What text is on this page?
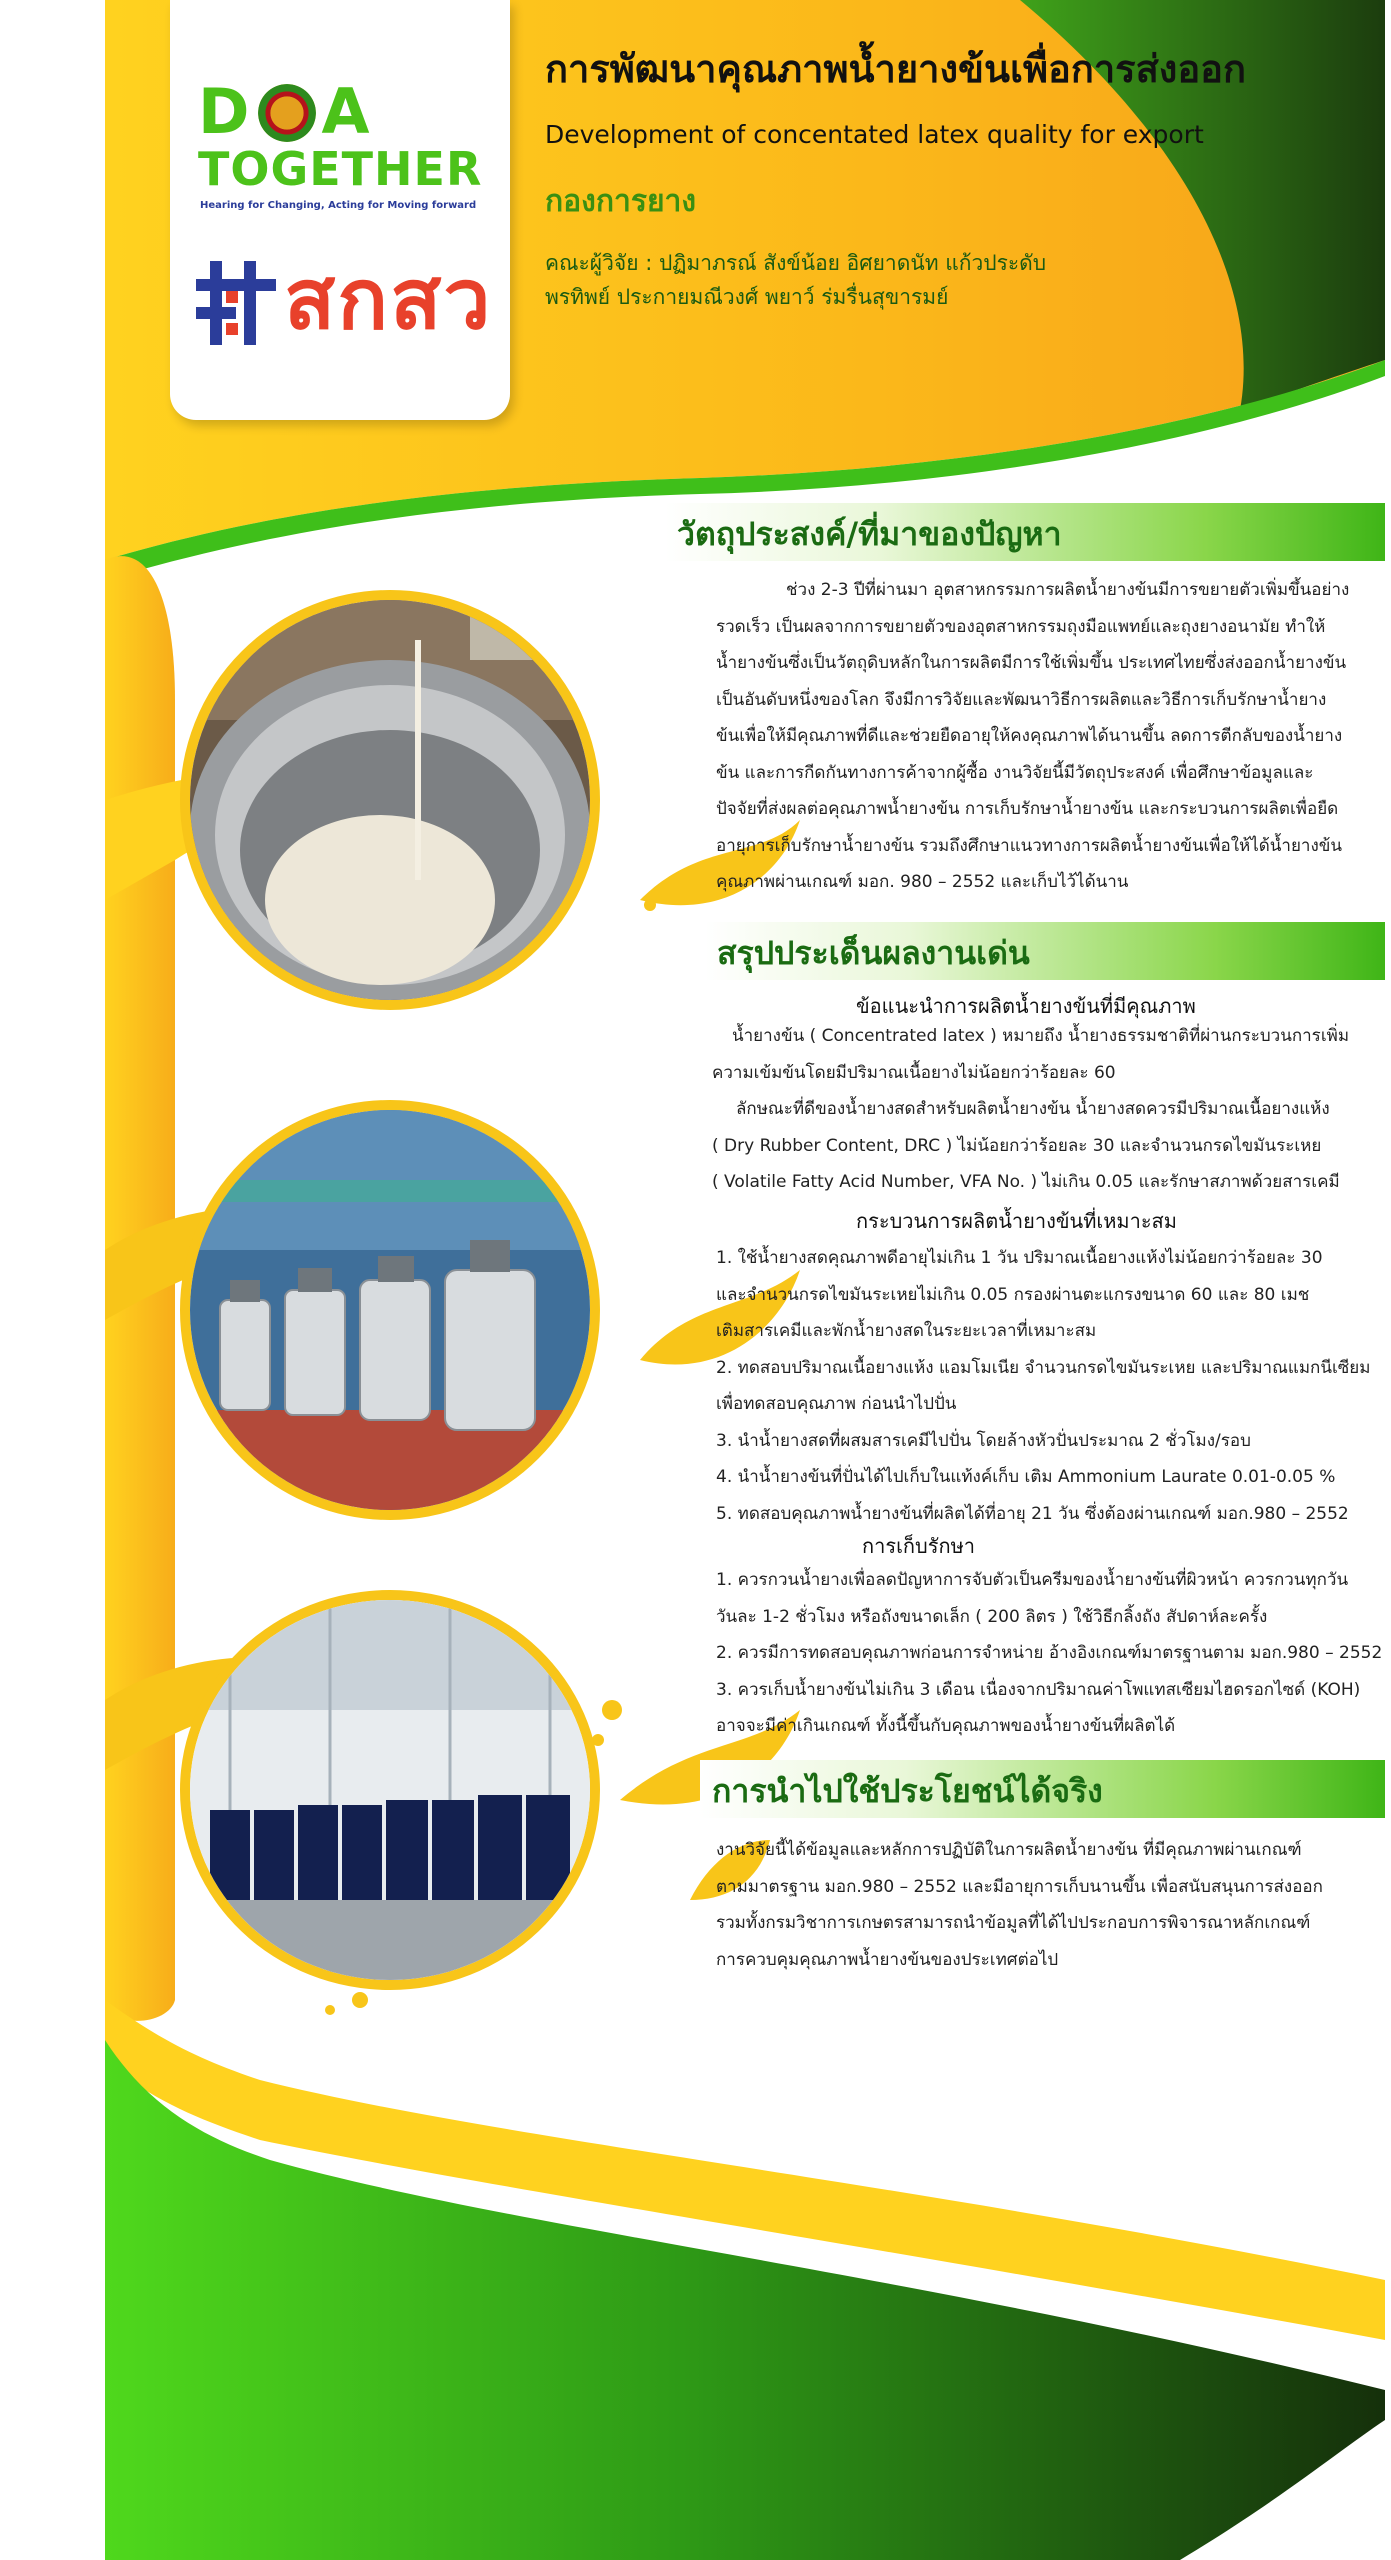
D A
TOGETHER
Hearing for Changing, Acting for Moving forward
สกสว
การพัฒนาคุณภาพน้ำยางข้นเพื่อการส่งออก
Development of concentated latex quality for export
กองการยาง
คณะผู้วิจัย : ปฏิมาภรณ์ สังข์น้อย อิศยาดนัท แก้วประดับ
พรทิพย์ ประกายมณีวงศ์ พยาว์ ร่มรื่นสุขารมย์
วัตถุประสงค์/ที่มาของปัญหา
ช่วง 2-3 ปีที่ผ่านมา อุตสาหกรรมการผลิตน้ำยางข้นมีการขยายตัวเพิ่มขึ้นอย่าง
รวดเร็ว เป็นผลจากการขยายตัวของอุตสาหกรรมถุงมือแพทย์และถุงยางอนามัย ทำให้
น้ำยางข้นซึ่งเป็นวัตถุดิบหลักในการผลิตมีการใช้เพิ่มขึ้น ประเทศไทยซึ่งส่งออกน้ำยางข้น
เป็นอันดับหนึ่งของโลก จึงมีการวิจัยและพัฒนาวิธีการผลิตและวิธีการเก็บรักษาน้ำยาง
ข้นเพื่อให้มีคุณภาพที่ดีและช่วยยืดอายุให้คงคุณภาพได้นานขึ้น ลดการตีกลับของน้ำยาง
ข้น และการกีดกันทางการค้าจากผู้ซื้อ งานวิจัยนี้มีวัตถุประสงค์ เพื่อศึกษาข้อมูลและ
ปัจจัยที่ส่งผลต่อคุณภาพน้ำยางข้น การเก็บรักษาน้ำยางข้น และกระบวนการผลิตเพื่อยืด
อายุการเก็บรักษาน้ำยางข้น รวมถึงศึกษาแนวทางการผลิตน้ำยางข้นเพื่อให้ได้น้ำยางข้น
คุณภาพผ่านเกณฑ์ มอก. 980 – 2552 และเก็บไว้ได้นาน
สรุปประเด็นผลงานเด่น
ข้อแนะนำการผลิตน้ำยางข้นที่มีคุณภาพ
น้ำยางข้น ( Concentrated latex ) หมายถึง น้ำยางธรรมชาติที่ผ่านกระบวนการเพิ่ม
ความเข้มข้นโดยมีปริมาณเนื้อยางไม่น้อยกว่าร้อยละ 60
ลักษณะที่ดีของน้ำยางสดสำหรับผลิตน้ำยางข้น น้ำยางสดควรมีปริมาณเนื้อยางแห้ง
( Dry Rubber Content, DRC ) ไม่น้อยกว่าร้อยละ 30 และจำนวนกรดไขมันระเหย
( Volatile Fatty Acid Number, VFA No. ) ไม่เกิน 0.05 และรักษาสภาพด้วยสารเคมี
กระบวนการผลิตน้ำยางข้นที่เหมาะสม
1. ใช้น้ำยางสดคุณภาพดีอายุไม่เกิน 1 วัน ปริมาณเนื้อยางแห้งไม่น้อยกว่าร้อยละ 30
และจำนวนกรดไขมันระเหยไม่เกิน 0.05 กรองผ่านตะแกรงขนาด 60 และ 80 เมช
เติมสารเคมีและพักน้ำยางสดในระยะเวลาที่เหมาะสม
2. ทดสอบปริมาณเนื้อยางแห้ง แอมโมเนีย จำนวนกรดไขมันระเหย และปริมาณแมกนีเซียม
เพื่อทดสอบคุณภาพ ก่อนนำไปปั่น
3. นำน้ำยางสดที่ผสมสารเคมีไปปั่น โดยล้างหัวปั่นประมาณ 2 ชั่วโมง/รอบ
4. นำน้ำยางข้นที่ปั่นได้ไปเก็บในแท้งค์เก็บ เติม Ammonium Laurate 0.01-0.05 %
5. ทดสอบคุณภาพน้ำยางข้นที่ผลิตได้ที่อายุ 21 วัน ซึ่งต้องผ่านเกณฑ์ มอก.980 – 2552
การเก็บรักษา
1. ควรกวนน้ำยางเพื่อลดปัญหาการจับตัวเป็นครีมของน้ำยางข้นที่ผิวหน้า ควรกวนทุกวัน
วันละ 1-2 ชั่วโมง หรือถังขนาดเล็ก ( 200 ลิตร ) ใช้วิธีกลิ้งถัง สัปดาห์ละครั้ง
2. ควรมีการทดสอบคุณภาพก่อนการจำหน่าย อ้างอิงเกณฑ์มาตรฐานตาม มอก.980 – 2552
3. ควรเก็บน้ำยางข้นไม่เกิน 3 เดือน เนื่องจากปริมาณค่าโพแทสเซียมไฮดรอกไซด์ (KOH)
อาจจะมีค่าเกินเกณฑ์ ทั้งนี้ขึ้นกับคุณภาพของน้ำยางข้นที่ผลิตได้
การนำไปใช้ประโยชน์ได้จริง
งานวิจัยนี้ได้ข้อมูลและหลักการปฏิบัติในการผลิตน้ำยางข้น ที่มีคุณภาพผ่านเกณฑ์
ตามมาตรฐาน มอก.980 – 2552 และมีอายุการเก็บนานขึ้น เพื่อสนับสนุนการส่งออก
รวมทั้งกรมวิชาการเกษตรสามารถนำข้อมูลที่ได้ไปประกอบการพิจารณาหลักเกณฑ์
การควบคุมคุณภาพน้ำยางข้นของประเทศต่อไป
